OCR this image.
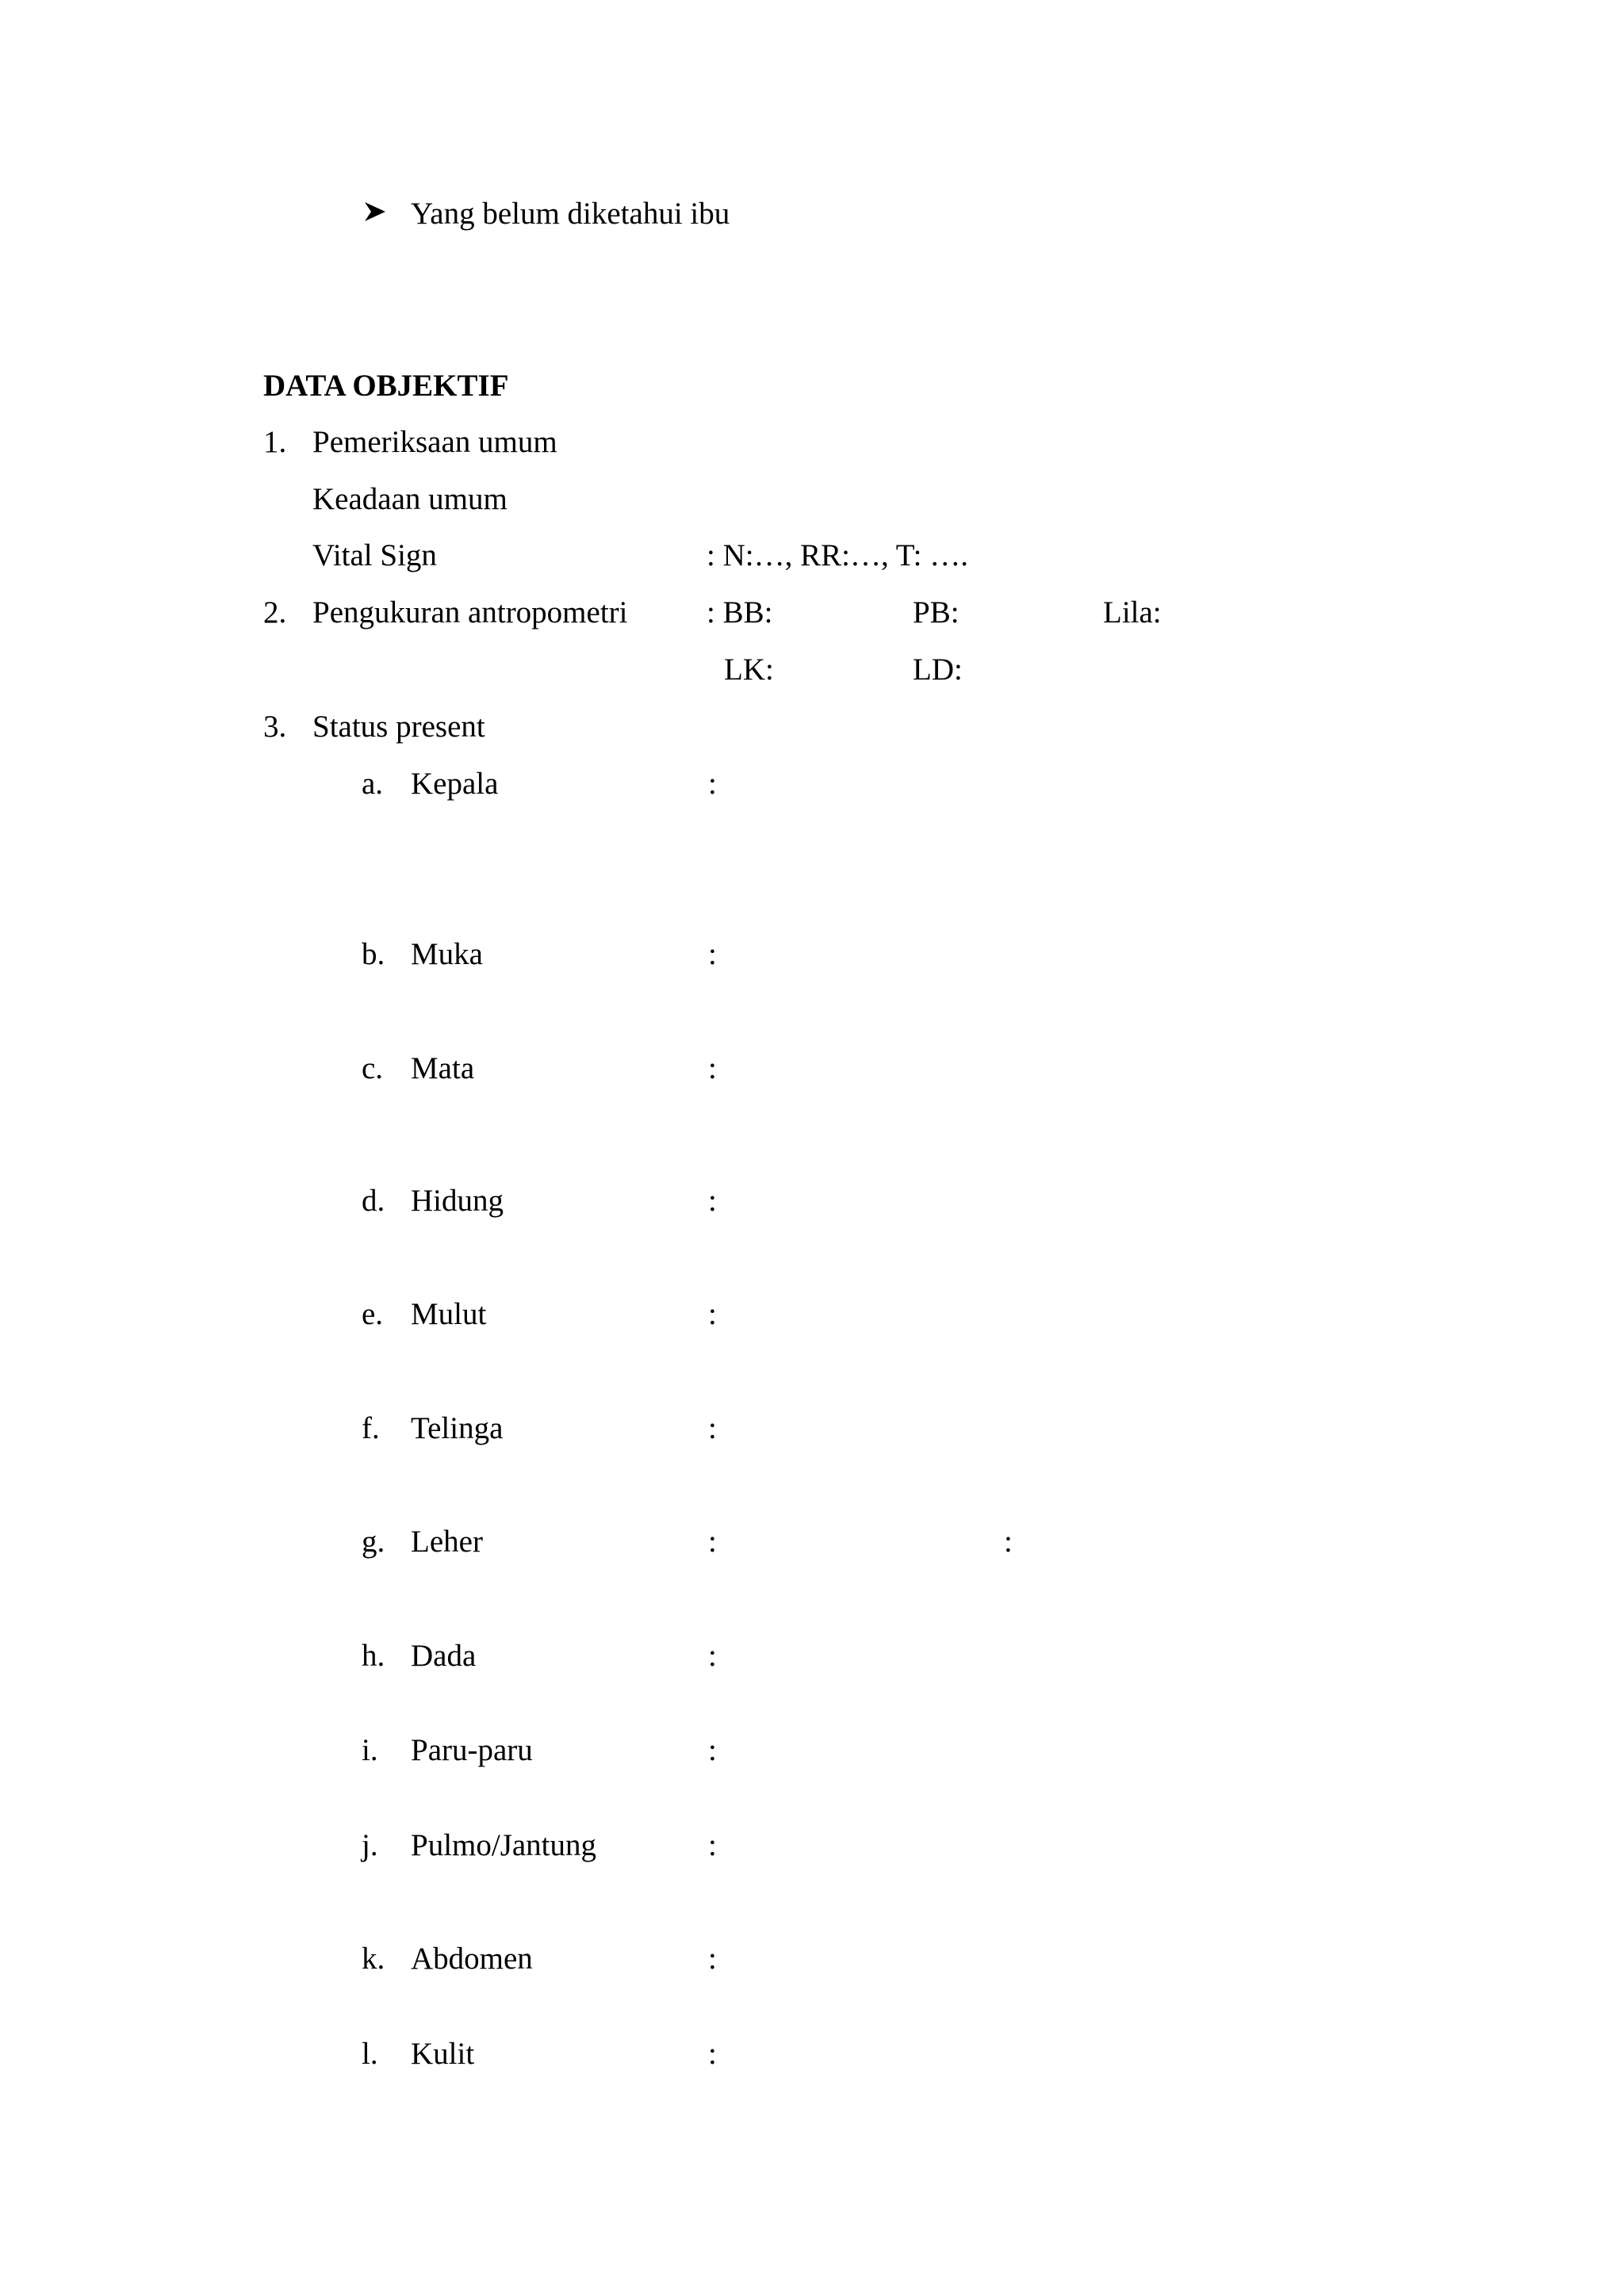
Yang belum diketahui ibu
DATA OBJEKTIF
1. Pemeriksaan umum
Keadaan umum
Vital Sign	: N:…, RR:…, T: ….
2. Pengukuran antropometri	: BB:	PB:	Lila:
LK:	LD:
3. Status present
a. Kepala	:
b. Muka	:
c. Mata	:
d. Hidung	:
e. Mulut	:
f. Telinga	:
g. Leher	:	:
h. Dada	:
i. Paru-paru	:
j. Pulmo/Jantung	:
k. Abdomen	:
l. Kulit	:
